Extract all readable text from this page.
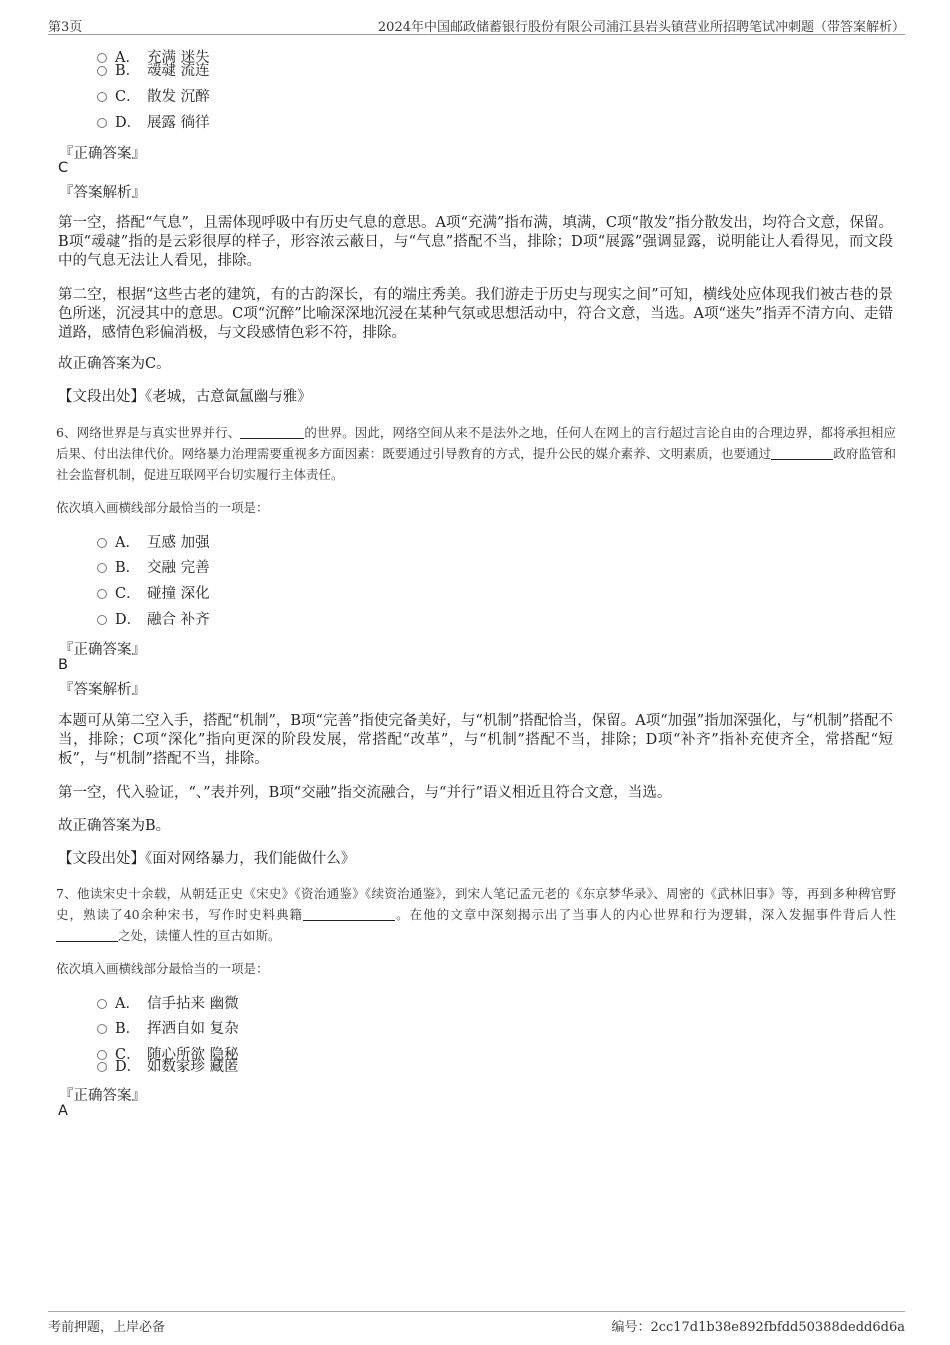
第3页	2024年中国邮政储蓄银行股份有限公司浦江县岩头镇营业所招聘笔试冲刺题（带答案解析）
A． 充满 迷失
B． 叆叇 流连
C． 散发 沉醉
D． 展露 徜徉
『正确答案』
C
『答案解析』
第一空，搭配“气息”，且需体现呼吸中有历史气息的意思。A项“充满”指布满，填满，C项“散发”指分散发出，均符合文意，保留。B项“叆叇”指的是云彩很厚的样子，形容浓云蔽日，与“气息”搭配不当，排除；D项“展露”强调显露，说明能让人看得见，而文段中的气息无法让人看见，排除。
第二空，根据“这些古老的建筑，有的古韵深长，有的端庄秀美。我们游走于历史与现实之间”可知，横线处应体现我们被古巷的景色所迷，沉浸其中的意思。C项“沉醉”比喻深深地沉浸在某种气氛或思想活动中，符合文意，当选。A项“迷失”指弄不清方向、走错道路，感情色彩偏消极，与文段感情色彩不符，排除。
故正确答案为C。
【文段出处】《老城，古意氤氲幽与雅》
6、网络世界是与真实世界并行、	的世界。因此，网络空间从来不是法外之地，任何人在网上的言行超过言论自由的合理边界，都将承担相应后果、付出法律代价。网络暴力治理需要重视多方面因素：既要通过引导教育的方式，提升公民的媒介素养、文明素质，也要通过	政府监管和社会监督机制，促进互联网平台切实履行主体责任。
依次填入画横线部分最恰当的一项是：
A． 互感 加强
B． 交融 完善
C． 碰撞 深化
D． 融合 补齐
『正确答案』
B
『答案解析』
本题可从第二空入手，搭配“机制”，B项“完善”指使完备美好，与“机制”搭配恰当，保留。A项“加强”指加深强化，与“机制”搭配不当，排除；C项“深化”指向更深的阶段发展，常搭配“改革”，与“机制”搭配不当，排除；D项“补齐”指补充使齐全，常搭配“短板”，与“机制”搭配不当，排除。
第一空，代入验证，“、”表并列，B项“交融”指交流融合，与“并行”语义相近且符合文意，当选。
故正确答案为B。
【文段出处】《面对网络暴力，我们能做什么》
7、他读宋史十余载，从朝廷正史《宋史》《资治通鉴》《续资治通鉴》，到宋人笔记孟元老的《东京梦华录》、周密的《武林旧事》等，再到多种稗官野史，熟读了40余种宋书，写作时史料典籍	。在他的文章中深刻揭示出了当事人的内心世界和行为逻辑，深入发掘事件背后人性之处，读懂人性的亘古如斯。
依次填入画横线部分最恰当的一项是：
A． 信手拈来 幽微
B． 挥洒自如 复杂
C． 随心所欲 隐秘
D． 如数家珍 藏匿
『正确答案』
A
考前押题，上岸必备	编号：2cc17d1b38e892fbfdd50388dedd6d6a
